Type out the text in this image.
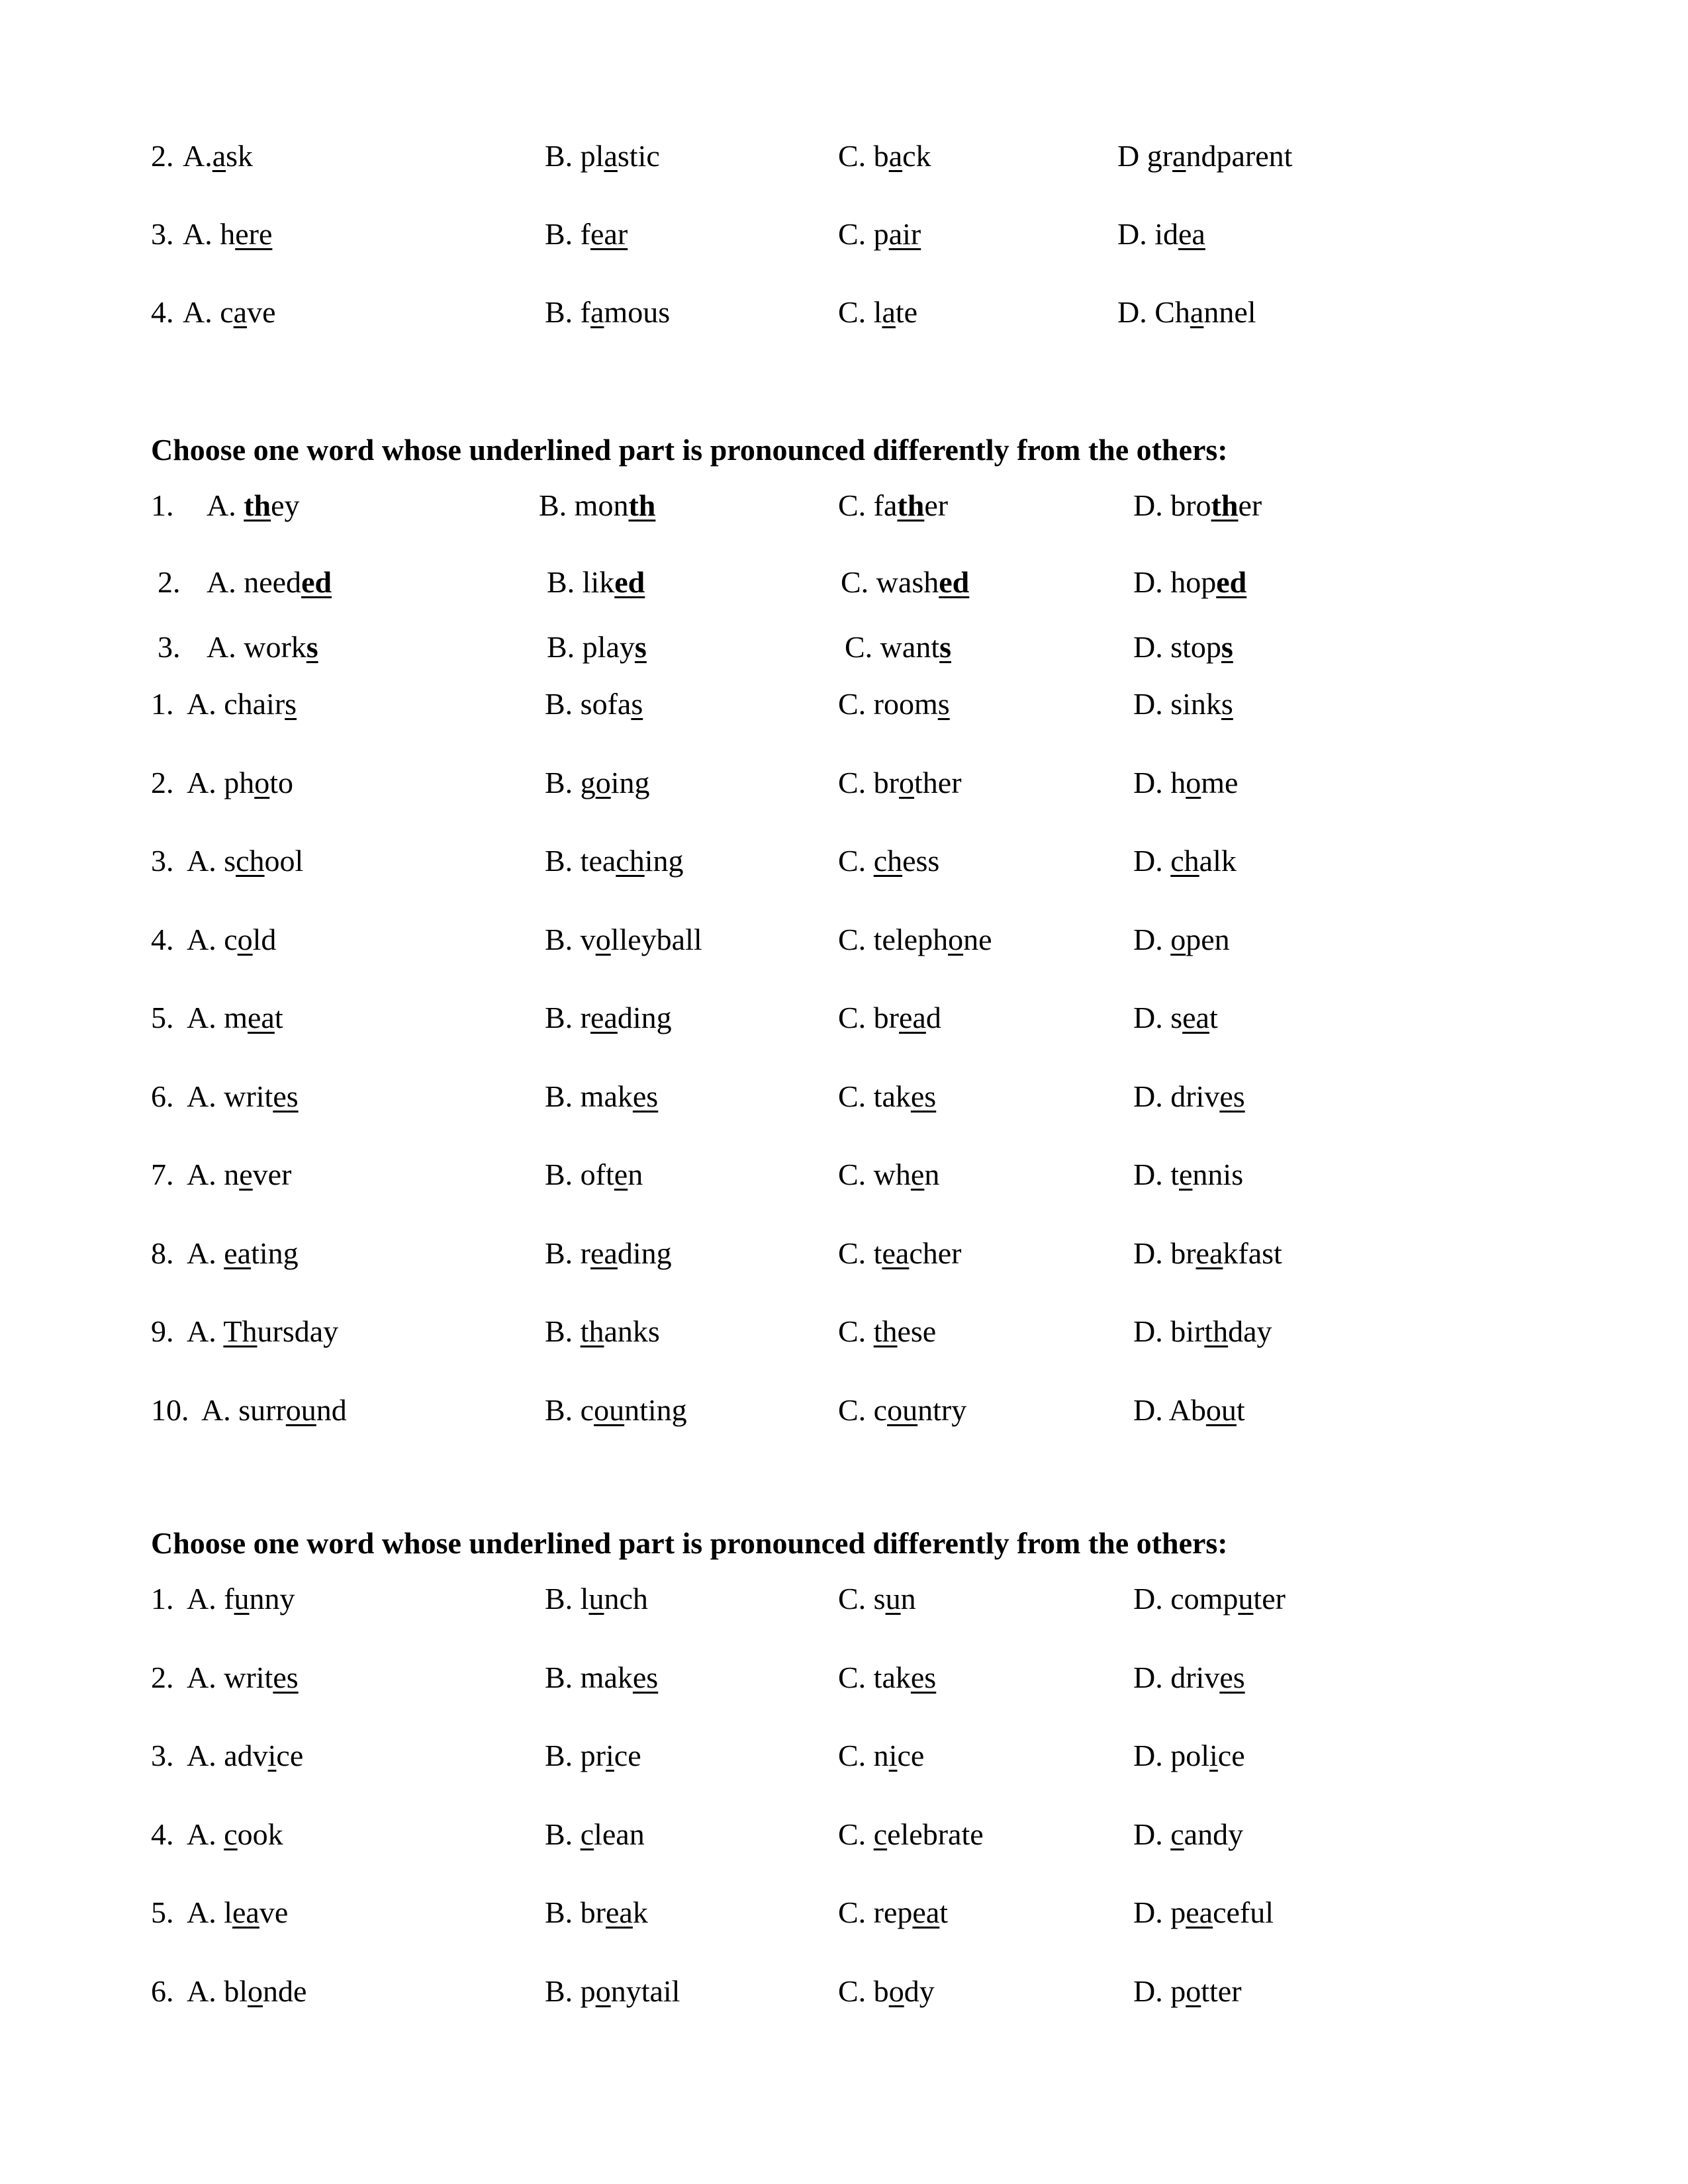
2. A.ask	B. plastic	C. back	D grandparent
3. A. here	B. fear	C. pair	D. idea
4. A. cave	B. famous	C. late	D. Channel
Choose one word whose underlined part is pronounced differently from the others:
1. A. they	B. month	C. father	D. brother
2. A. needed	B. liked	C. washed	D. hoped
3. A. works	B. plays	C. wants	D. stops
1. A. chairs	B. sofas	C. rooms	D. sinks
2. A. photo	B. going	C. brother	D. home
3. A. school	B. teaching	C. chess	D. chalk
4. A. cold	B. volleyball	C. telephone	D. open
5. A. meat	B. reading	C. bread	D. seat
6. A. writes	B. makes	C. takes	D. drives
7. A. never	B. often	C. when	D. tennis
8. A. eating	B. reading	C. teacher	D. breakfast
9. A. Thursday	B. thanks	C. these	D. birthday
10. A. surround	B. counting	C. country	D. About
Choose one word whose underlined part is pronounced differently from the others:
1. A. funny	B. lunch	C. sun	D. computer
2. A. writes	B. makes	C. takes	D. drives
3. A. advice	B. price	C. nice	D. police
4. A. cook	B. clean	C. celebrate	D. candy
5. A. leave	B. break	C. repeat	D. peaceful
6. A. blonde	B. ponytail	C. body	D. potter
